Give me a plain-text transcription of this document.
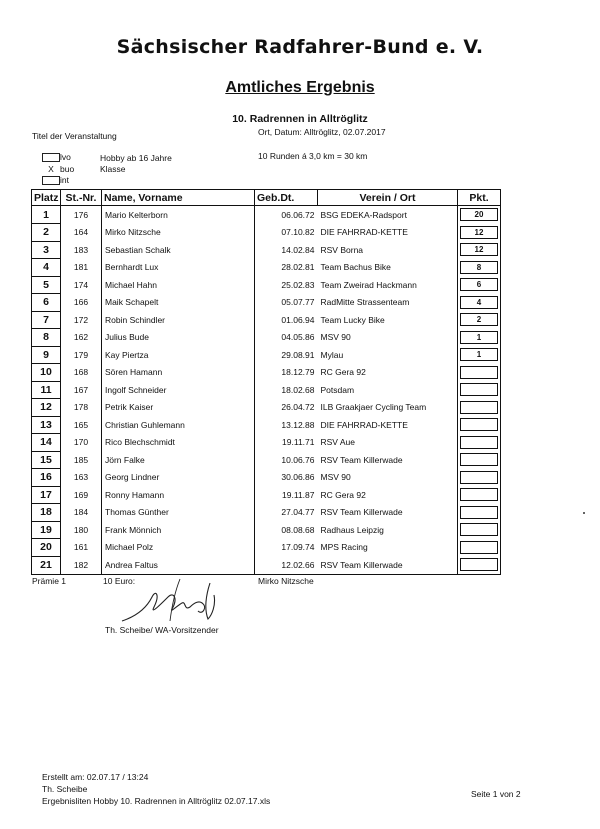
Sächsischer Radfahrer-Bund e. V.
Amtliches Ergebnis
10. Radrennen in Alltröglitz
Titel der Veranstaltung	Ort, Datum: Alltröglitz, 02.07.2017
10 Runden á 3,0 km = 30 km
lvo
X buo
int
Hobby ab 16 Jahre
Klasse
Platz	St.-Nr.	Name, Vorname	Geb.Dt.	Verein / Ort	Pkt.
1	176	Mario Kelterborn	06.06.72	BSG EDEKA-Radsport	20

2	164	Mirko Nitzsche	07.10.82	DIE FAHRRAD-KETTE	12

3	183	Sebastian Schalk	14.02.84	RSV Borna	12

4	181	Bernhardt Lux	28.02.81	Team Bachus Bike	8

5	174	Michael Hahn	25.02.83	Team Zweirad Hackmann	6

6	166	Maik Schapelt	05.07.77	RadMitte Strassenteam	4

7	172	Robin Schindler	01.06.94	Team Lucky Bike	2

8	162	Julius Bude	04.05.86	MSV 90	1

9	179	Kay Piertza	29.08.91	Mylau	1

10	168	Sören Hamann	18.12.79	RC Gera 92	

11	167	Ingolf Schneider	18.02.68	Potsdam	

12	178	Petrik Kaiser	26.04.72	ILB Graakjaer Cycling Team	

13	165	Christian Guhlemann	13.12.88	DIE FAHRRAD-KETTE	

14	170	Rico Blechschmidt	19.11.71	RSV Aue	

15	185	Jörn Falke	10.06.76	RSV Team Killerwade	

16	163	Georg Lindner	30.06.86	MSV 90	

17	169	Ronny Hamann	19.11.87	RC Gera 92	

18	184	Thomas Günther	27.04.77	RSV Team Killerwade	

19	180	Frank Mönnich	08.08.68	Radhaus Leipzig	

20	161	Michael Polz	17.09.74	MPS Racing	

21	182	Andrea Faltus	12.02.66	RSV Team Killerwade	
Prämie 1	10 Euro:	Mirko Nitzsche
Th. Scheibe/ WA-Vorsitzender
Erstellt am: 02.07.17 / 13:24
Th. Scheibe
Ergebnisliten Hobby 10. Radrennen in Alltröglitz 02.07.17.xls
Seite 1 von 2
